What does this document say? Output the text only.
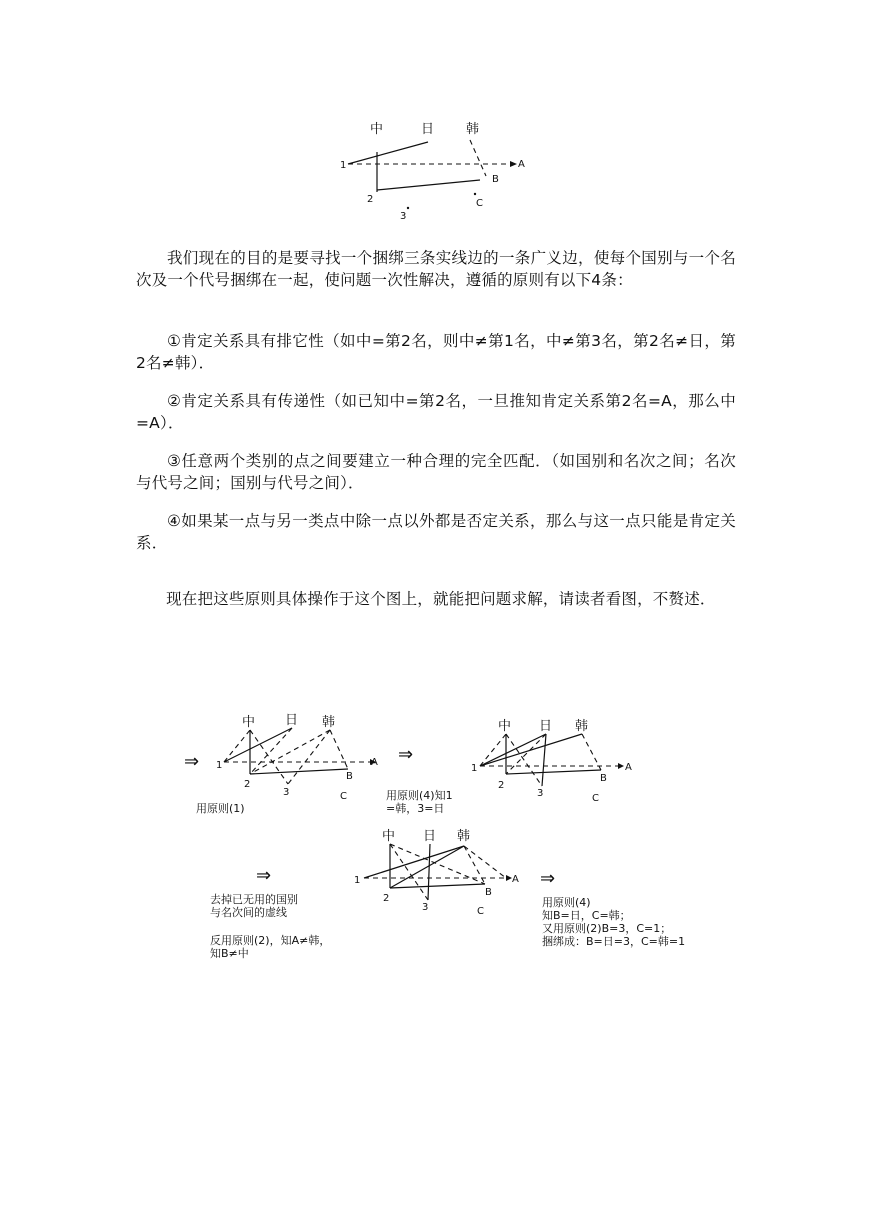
中	日 韩
1
2
3
A
B
C

我们现在的目的是要寻找一个捆绑三条实线边的一条广义边，使每个国别与一个名次及一个代号捆绑在一起，使问题一次性解决，遵循的原则有以下4条：

①肯定关系具有排它性（如中=第2名，则中≠第1名，中≠第3名，第2名≠日，第2名≠韩）．

②肯定关系具有传递性（如已知中=第2名，一旦推知肯定关系第2名=A，那么中=A）．

③任意两个类别的点之间要建立一种合理的完全匹配．（如国别和名次之间；名次与代号之间；国别与代号之间）．

④如果某一点与另一类点中除一点以外都是否定关系，那么与这一点只能是肯定关系．

现在把这些原则具体操作于这个图上，就能把问题求解，请读者看图，不赘述．

⇒
中 日 韩
1
2
3
B
A
C

用原则(1)

⇒
中 日 韩
1
2
3
B
A
C

用原则(4)知1

=韩，3=日

⇒
中 日 韩
1
2
3
B
A
C

去掉已无用的国别

与名次间的虚线

反用原则(2)，知A≠韩，

知B≠中

⇒

用原则(4)

知B=日，C=韩；

又用原则(2)B=3，C=1；

捆绑成：B=日=3，C=韩=1
